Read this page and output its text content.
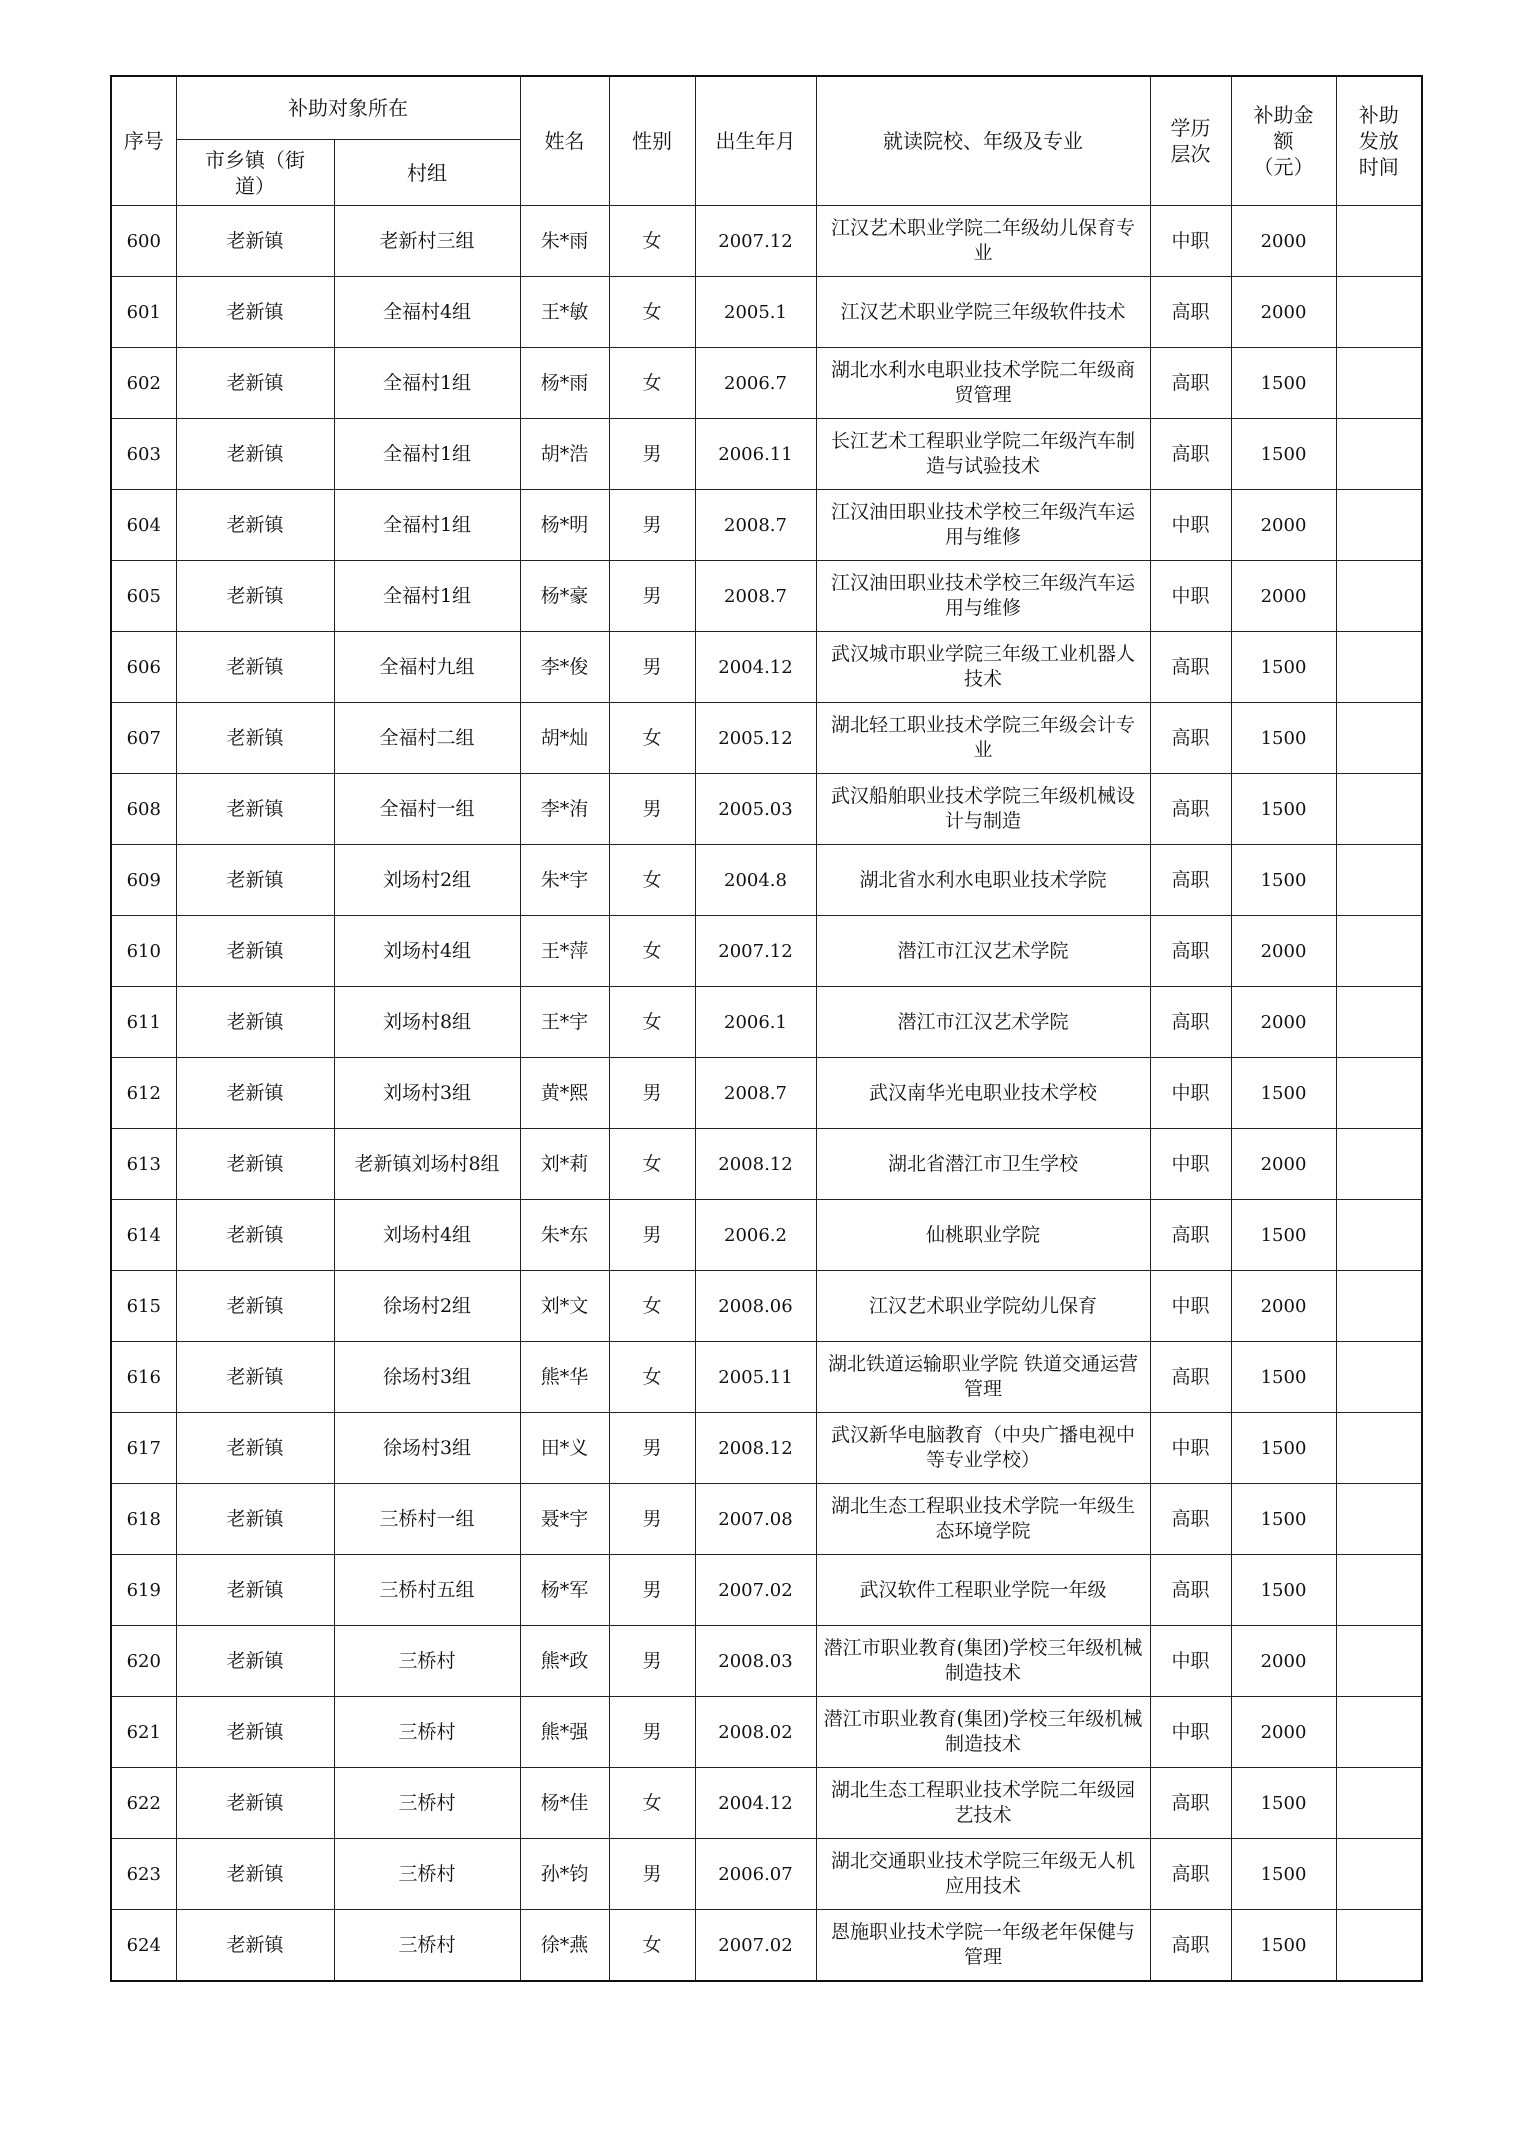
序号	补助对象所在		姓名	性别	出生年月	就读院校、年级及专业	学历层次	补助金额（元）	补助发放时间
	市乡镇（街道）	村组							
600	老新镇	老新村三组	朱*雨	女	2007.12	江汉艺术职业学院二年级幼儿保育专业	中职	2000	
601	老新镇	全福村4组	王*敏	女	2005.1	江汉艺术职业学院三年级软件技术	高职	2000	
602	老新镇	全福村1组	杨*雨	女	2006.7	湖北水利水电职业技术学院二年级商贸管理	高职	1500	
603	老新镇	全福村1组	胡*浩	男	2006.11	长江艺术工程职业学院二年级汽车制造与试验技术	高职	1500	
604	老新镇	全福村1组	杨*明	男	2008.7	江汉油田职业技术学校三年级汽车运用与维修	中职	2000	
605	老新镇	全福村1组	杨*豪	男	2008.7	江汉油田职业技术学校三年级汽车运用与维修	中职	2000	
606	老新镇	全福村九组	李*俊	男	2004.12	武汉城市职业学院三年级工业机器人技术	高职	1500	
607	老新镇	全福村二组	胡*灿	女	2005.12	湖北轻工职业技术学院三年级会计专业	高职	1500	
608	老新镇	全福村一组	李*洧	男	2005.03	武汉船舶职业技术学院三年级机械设计与制造	高职	1500	
609	老新镇	刘场村2组	朱*宇	女	2004.8	湖北省水利水电职业技术学院	高职	1500	
610	老新镇	刘场村4组	王*萍	女	2007.12	潜江市江汉艺术学院	高职	2000	
611	老新镇	刘场村8组	王*宇	女	2006.1	潜江市江汉艺术学院	高职	2000	
612	老新镇	刘场村3组	黄*熙	男	2008.7	武汉南华光电职业技术学校	中职	1500	
613	老新镇	老新镇刘场村8组	刘*莉	女	2008.12	湖北省潜江市卫生学校	中职	2000	
614	老新镇	刘场村4组	朱*东	男	2006.2	仙桃职业学院	高职	1500	
615	老新镇	徐场村2组	刘*文	女	2008.06	江汉艺术职业学院幼儿保育	中职	2000	
616	老新镇	徐场村3组	熊*华	女	2005.11	湖北铁道运输职业学院 铁道交通运营管理	高职	1500	
617	老新镇	徐场村3组	田*义	男	2008.12	武汉新华电脑教育（中央广播电视中等专业学校）	中职	1500	
618	老新镇	三桥村一组	聂*宇	男	2007.08	湖北生态工程职业技术学院一年级生态环境学院	高职	1500	
619	老新镇	三桥村五组	杨*军	男	2007.02	武汉软件工程职业学院一年级	高职	1500	
620	老新镇	三桥村	熊*政	男	2008.03	潜江市职业教育(集团)学校三年级机械制造技术	中职	2000	
621	老新镇	三桥村	熊*强	男	2008.02	潜江市职业教育(集团)学校三年级机械制造技术	中职	2000	
622	老新镇	三桥村	杨*佳	女	2004.12	湖北生态工程职业技术学院二年级园艺技术	高职	1500	
623	老新镇	三桥村	孙*钧	男	2006.07	湖北交通职业技术学院三年级无人机应用技术	高职	1500	
624	老新镇	三桥村	徐*燕	女	2007.02	恩施职业技术学院一年级老年保健与管理	高职	1500	
